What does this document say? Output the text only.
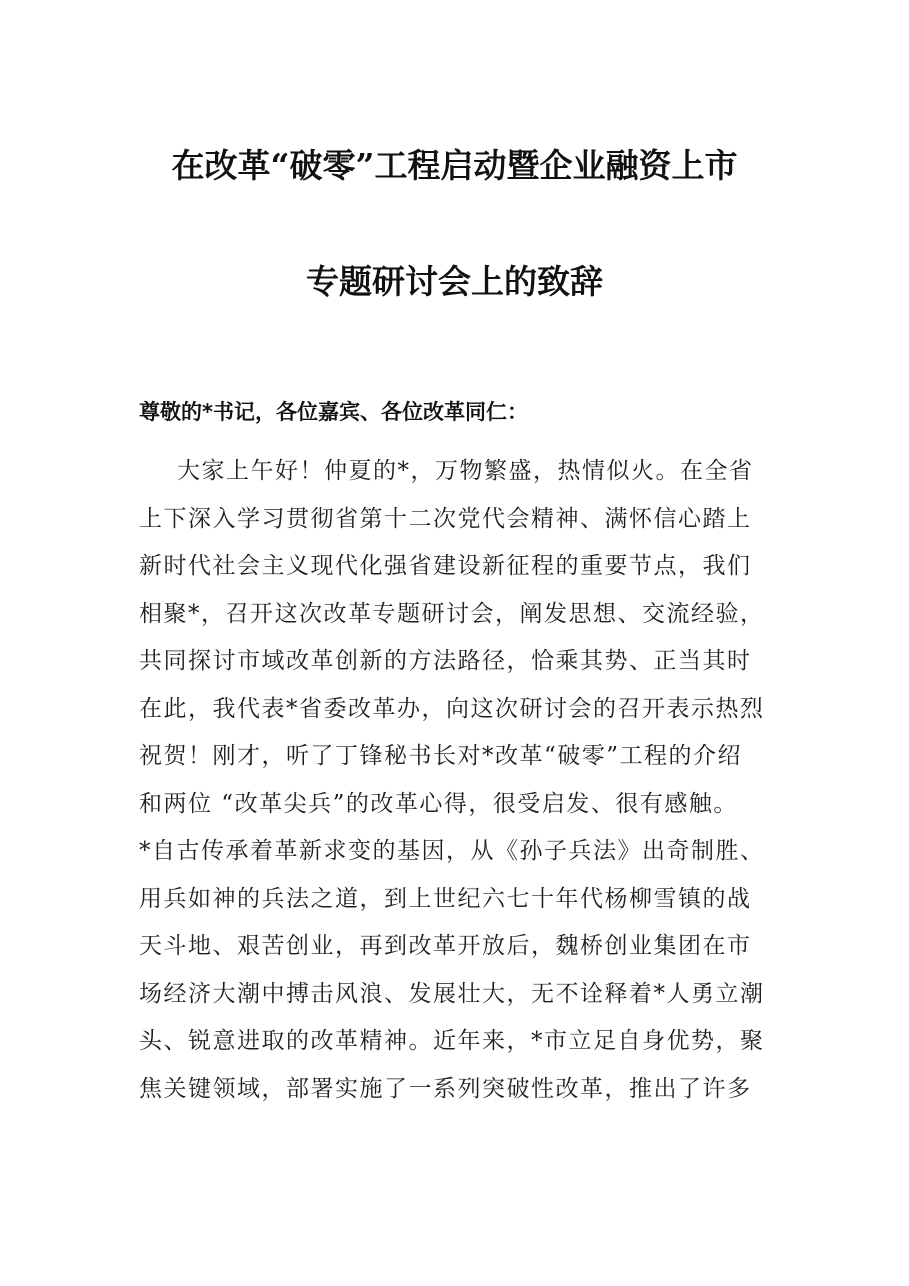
在改革“破零”工程启动暨企业融资上市
专题研讨会上的致辞
尊敬的*书记，各位嘉宾、各位改革同仁：
大家上午好！仲夏的*，万物繁盛，热情似火。在全省
上下深入学习贯彻省第十二次党代会精神、满怀信心踏上
新时代社会主义现代化强省建设新征程的重要节点，我们
相聚*，召开这次改革专题研讨会，阐发思想、交流经验，
共同探讨市域改革创新的方法路径，恰乘其势、正当其时
在此，我代表*省委改革办，向这次研讨会的召开表示热烈
祝贺！刚才，听了丁锋秘书长对*改革“破零”工程的介绍
和两位 “改革尖兵”的改革心得，很受启发、很有感触。
*自古传承着革新求变的基因，从《孙子兵法》出奇制胜、
用兵如神的兵法之道，到上世纪六七十年代杨柳雪镇的战
天斗地、艰苦创业，再到改革开放后，魏桥创业集团在市
场经济大潮中搏击风浪、发展壮大，无不诠释着*人勇立潮
头、锐意进取的改革精神。近年来，*市立足自身优势，聚
焦关键领域，部署实施了一系列突破性改革，推出了许多
